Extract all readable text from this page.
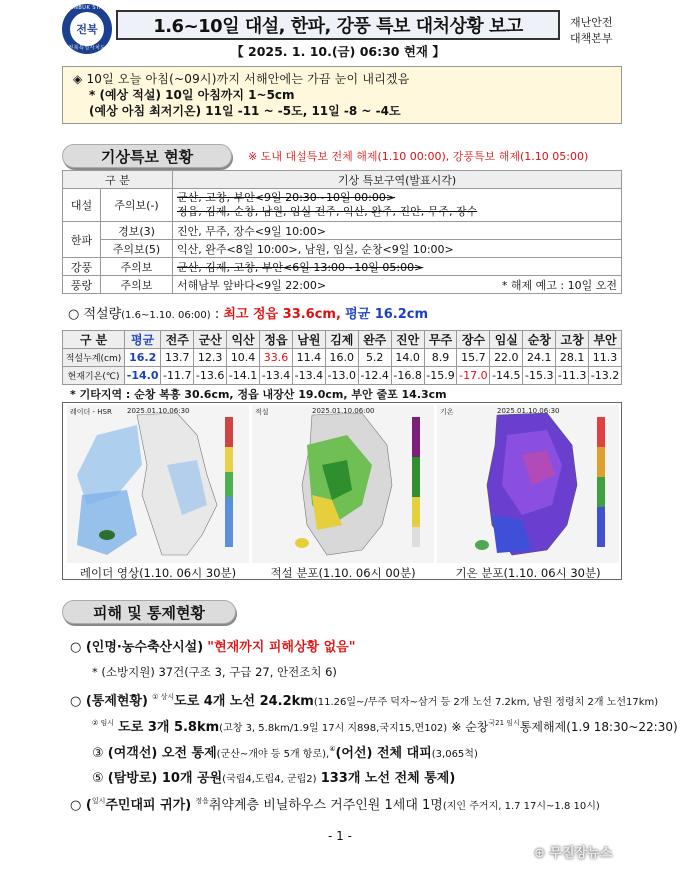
JEONBUK STATE
전북
전북특별자치도
1.6~10일 대설, 한파, 강풍 특보 대처상황 보고
【 2025. 1. 10.(금) 06:30 현재 】
재난안전
대책본부
◈ 10일 오늘 아침(~09시)까지 서해안에는 가끔 눈이 내리겠음
* (예상 적설) 10일 아침까지 1~5cm
(예상 아침 최저기온) 11일 -11 ~ -5도, 11일 -8 ~ -4도
기상특보 현황	※ 도내 대설특보 전체 해제(1.10 00:00), 강풍특보 해제(1.10 05:00)
구 분		기상 특보구역(발표시각)
대설	주의보(-)	군산, 고창, 부안<9일 20:30~10일 00:00>
정읍, 김제, 순창, 남원, 임실 전주, 익산, 완주, 진안, 무주, 장수

한파	경보(3)	진안, 무주, 장수<9일 10:00>
	주의보(5)	익산, 완주<8일 10:00>, 남원, 임실, 순창<9일 10:00>
강풍	주의보	군산, 김제, 고창, 부안<6일 13:00~10일 05:00>
풍랑	주의보	서해남부 앞바다<9일 22:00> * 해제 예고 : 10일 오전
○ 적설량(1.6~1.10. 06:00) : 최고 정읍 33.6cm, 평균 16.2cm
구 분	평균	전주	군산	익산	정읍	남원	김제	완주	진안	무주	장수	임실	순창	고창	부안
적설누계(cm)	16.2	13.7	12.3	10.4	33.6	11.4	16.0	5.2	14.0	8.9	15.7	22.0	24.1	28.1	11.3
현재기온(℃)	-14.0	-11.7	-13.6	-14.1	-13.4	-13.4	-13.0	-12.4	-16.8	-15.9	-17.0	-14.5	-15.3	-11.3	-13.2
* 기타지역 : 순창 복흥 30.6cm, 정읍 내장산 19.0cm, 부안 줄포 14.3cm
레이더 - HSR 2025.01.10.06:30
레이더 영상(1.10. 06시 30분)
적설	2025.01.10.06:00
적설 분포(1.10. 06시 00분)
기온	2025.01.10.06:30
기온 분포(1.10. 06시 30분)
피해 및 통제현황
○ (인명·농수축산시설) "현재까지 피해상황 없음"
* (소방지원) 37건(구조 3, 구급 27, 안전조치 6)
○ (통제현황) $^{① 상시}$도로 4개 노선 24.2km(11.26일~/무주 덕자~삼거 등 2개 노선 7.2km, 남원 정령치 2개 노선17km)
$^{② 임시}$ 도로 3개 5.8km(고창 3, 5.8km/1.9일 17시 지898,국지15,면102) ※ 순창$^{국21 임시}$통제해제(1.9 18:30~22:30)
③ (여객선) 오전 통제(군산~개야 등 5개 항로),④(어선) 전체 대피(3,065척)
⑤ (탐방로) 10개 공원(국립4,도립4, 군립2) 133개 노선 전체 통제)
○ ($^{일시}$주민대피 귀가) $^{정읍}$취약계층 비닐하우스 거주인원 1세대 1명(지인 주거지, 1.7 17시~1.8 10시)
- 1 -
⊕ 무진장뉴스
